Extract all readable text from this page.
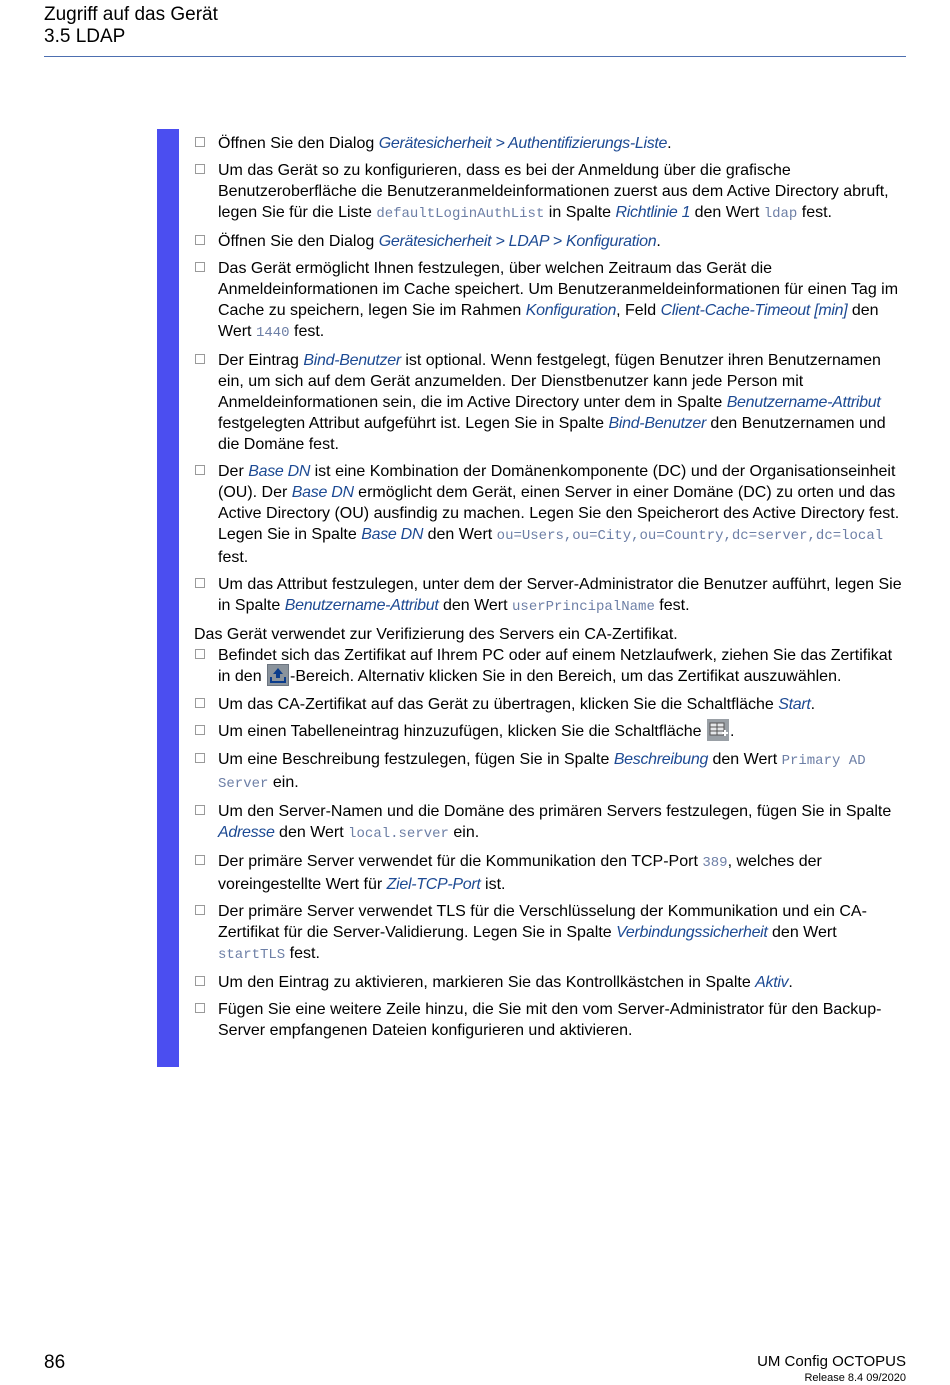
Zugriff auf das Gerät
3.5 LDAP
Öffnen Sie den Dialog Gerätesicherheit > Authentifizierungs-Liste.
Um das Gerät so zu konfigurieren, dass es bei der Anmeldung über die grafische Benutzeroberfläche die Benutzeranmeldeinformationen zuerst aus dem Active Directory abruft, legen Sie für die Liste defaultLoginAuthList in Spalte Richtlinie 1 den Wert ldap fest.
Öffnen Sie den Dialog Gerätesicherheit > LDAP > Konfiguration.
Das Gerät ermöglicht Ihnen festzulegen, über welchen Zeitraum das Gerät die Anmeldeinformationen im Cache speichert. Um Benutzeranmeldeinformationen für einen Tag im Cache zu speichern, legen Sie im Rahmen Konfiguration, Feld Client-Cache-Timeout [min] den Wert 1440 fest.
Der Eintrag Bind-Benutzer ist optional. Wenn festgelegt, fügen Benutzer ihren Benutzernamen ein, um sich auf dem Gerät anzumelden. Der Dienstbenutzer kann jede Person mit Anmeldeinformationen sein, die im Active Directory unter dem in Spalte Benutzername-Attribut festgelegten Attribut aufgeführt ist. Legen Sie in Spalte Bind-Benutzer den Benutzernamen und die Domäne fest.
Der Base DN ist eine Kombination der Domänenkomponente (DC) und der Organisationseinheit (OU). Der Base DN ermöglicht dem Gerät, einen Server in einer Domäne (DC) zu orten und das Active Directory (OU) ausfindig zu machen. Legen Sie den Speicherort des Active Directory fest. Legen Sie in Spalte Base DN den Wert ou=Users,ou=City,ou=Country,dc=server,dc=local fest.
Um das Attribut festzulegen, unter dem der Server-Administrator die Benutzer aufführt, legen Sie in Spalte Benutzername-Attribut den Wert userPrincipalName fest.
Das Gerät verwendet zur Verifizierung des Servers ein CA-Zertifikat.
Befindet sich das Zertifikat auf Ihrem PC oder auf einem Netzlaufwerk, ziehen Sie das Zertifikat in den -Bereich. Alternativ klicken Sie in den Bereich, um das Zertifikat auszuwählen.
Um das CA-Zertifikat auf das Gerät zu übertragen, klicken Sie die Schaltfläche Start.
Um einen Tabelleneintrag hinzuzufügen, klicken Sie die Schaltfläche .
Um eine Beschreibung festzulegen, fügen Sie in Spalte Beschreibung den Wert Primary AD Server ein.
Um den Server-Namen und die Domäne des primären Servers festzulegen, fügen Sie in Spalte Adresse den Wert local.server ein.
Der primäre Server verwendet für die Kommunikation den TCP-Port 389, welches der voreingestellte Wert für Ziel-TCP-Port ist.
Der primäre Server verwendet TLS für die Verschlüsselung der Kommunikation und ein CA-Zertifikat für die Server-Validierung. Legen Sie in Spalte Verbindungssicherheit den Wert startTLS fest.
Um den Eintrag zu aktivieren, markieren Sie das Kontrollkästchen in Spalte Aktiv.
Fügen Sie eine weitere Zeile hinzu, die Sie mit den vom Server-Administrator für den Backup-Server empfangenen Dateien konfigurieren und aktivieren.
86	UM Config OCTOPUS
Release 8.4 09/2020
